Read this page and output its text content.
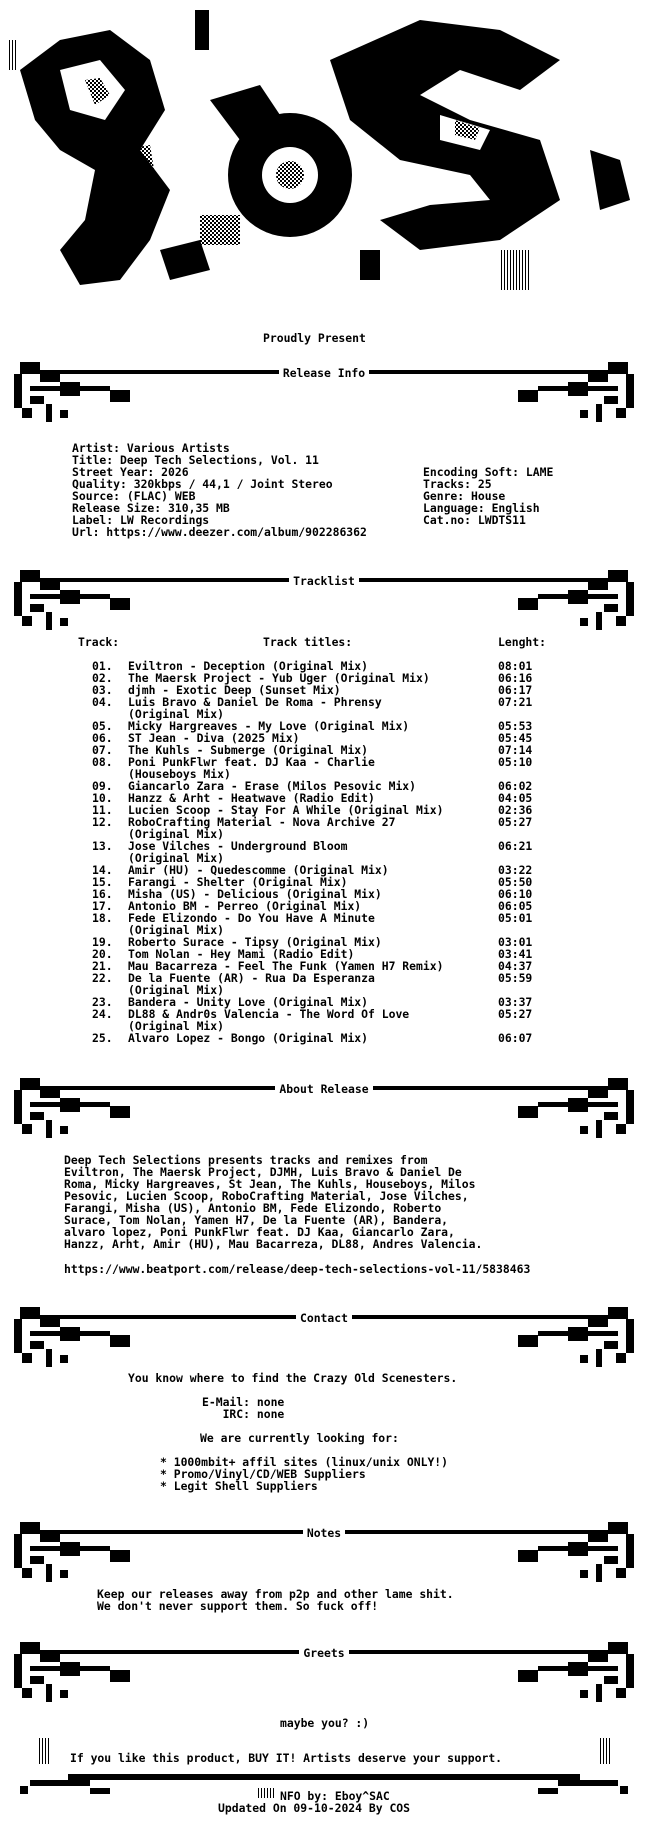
Proudly Present
Release Info
Artist: Various Artists
Title: Deep Tech Selections, Vol. 11
Street Year: 2026
Quality: 320kbps / 44,1 / Joint Stereo
Source: (FLAC) WEB
Release Size: 310,35 MB
Label: LW Recordings
Url: https://www.deezer.com/album/902286362
Encoding Soft: LAME
Tracks: 25
Genre: House
Language: English
Cat.no: LWDTS11
Tracklist
Track:	Track titles:	Lenght:
01. Eviltron - Deception (Original Mix)	08:01
02. The Maersk Project - Yub Uger (Original Mix)	06:16
03. djmh - Exotic Deep (Sunset Mix)	06:17
04. Luis Bravo & Daniel De Roma - Phrensy	07:21
(Original Mix)
05. Micky Hargreaves - My Love (Original Mix)	05:53
06. ST Jean - Diva (2025 Mix)	05:45
07. The Kuhls - Submerge (Original Mix)	07:14
08. Poni PunkFlwr feat. DJ Kaa - Charlie	05:10
(Houseboys Mix)
09. Giancarlo Zara - Erase (Milos Pesovic Mix)	06:02
10. Hanzz & Arht - Heatwave (Radio Edit)	04:05
11. Lucien Scoop - Stay For A While (Original Mix)	02:36
12. RoboCrafting Material - Nova Archive 27	05:27
(Original Mix)
13. Jose Vilches - Underground Bloom	06:21
(Original Mix)
14. Amir (HU) - Quedescomme (Original Mix)	03:22
15. Farangi - Shelter (Original Mix)	05:50
16. Misha (US) - Delicious (Original Mix)	06:10
17. Antonio BM - Perreo (Original Mix)	06:05
18. Fede Elizondo - Do You Have A Minute	05:01
(Original Mix)
19. Roberto Surace - Tipsy (Original Mix)	03:01
20. Tom Nolan - Hey Mami (Radio Edit)	03:41
21. Mau Bacarreza - Feel The Funk (Yamen H7 Remix)	04:37
22. De la Fuente (AR) - Rua Da Esperanza	05:59
(Original Mix)
23. Bandera - Unity Love (Original Mix)	03:37
24. DL88 & Andr0s Valencia - The Word Of Love	05:27
(Original Mix)
25. Alvaro Lopez - Bongo (Original Mix)	06:07
About Release
Deep Tech Selections presents tracks and remixes from
Eviltron, The Maersk Project, DJMH, Luis Bravo & Daniel De
Roma, Micky Hargreaves, St Jean, The Kuhls, Houseboys, Milos
Pesovic, Lucien Scoop, RoboCrafting Material, Jose Vilches,
Farangi, Misha (US), Antonio BM, Fede Elizondo, Roberto
Surace, Tom Nolan, Yamen H7, De la Fuente (AR), Bandera,
alvaro lopez, Poni PunkFlwr feat. DJ Kaa, Giancarlo Zara,
Hanzz, Arht, Amir (HU), Mau Bacarreza, DL88, Andres Valencia.
https://www.beatport.com/release/deep-tech-selections-vol-11/5838463
Contact
You know where to find the Crazy Old Scenesters.
E-Mail: none
IRC: none
We are currently looking for:
* 1000mbit+ affil sites (linux/unix ONLY!)
* Promo/Vinyl/CD/WEB Suppliers
* Legit Shell Suppliers
Notes
Keep our releases away from p2p and other lame shit.
We don't never support them. So fuck off!
Greets
maybe you? :)
If you like this product, BUY IT! Artists deserve your support.
NFO by: Eboy^SAC
Updated On 09-10-2024 By COS
